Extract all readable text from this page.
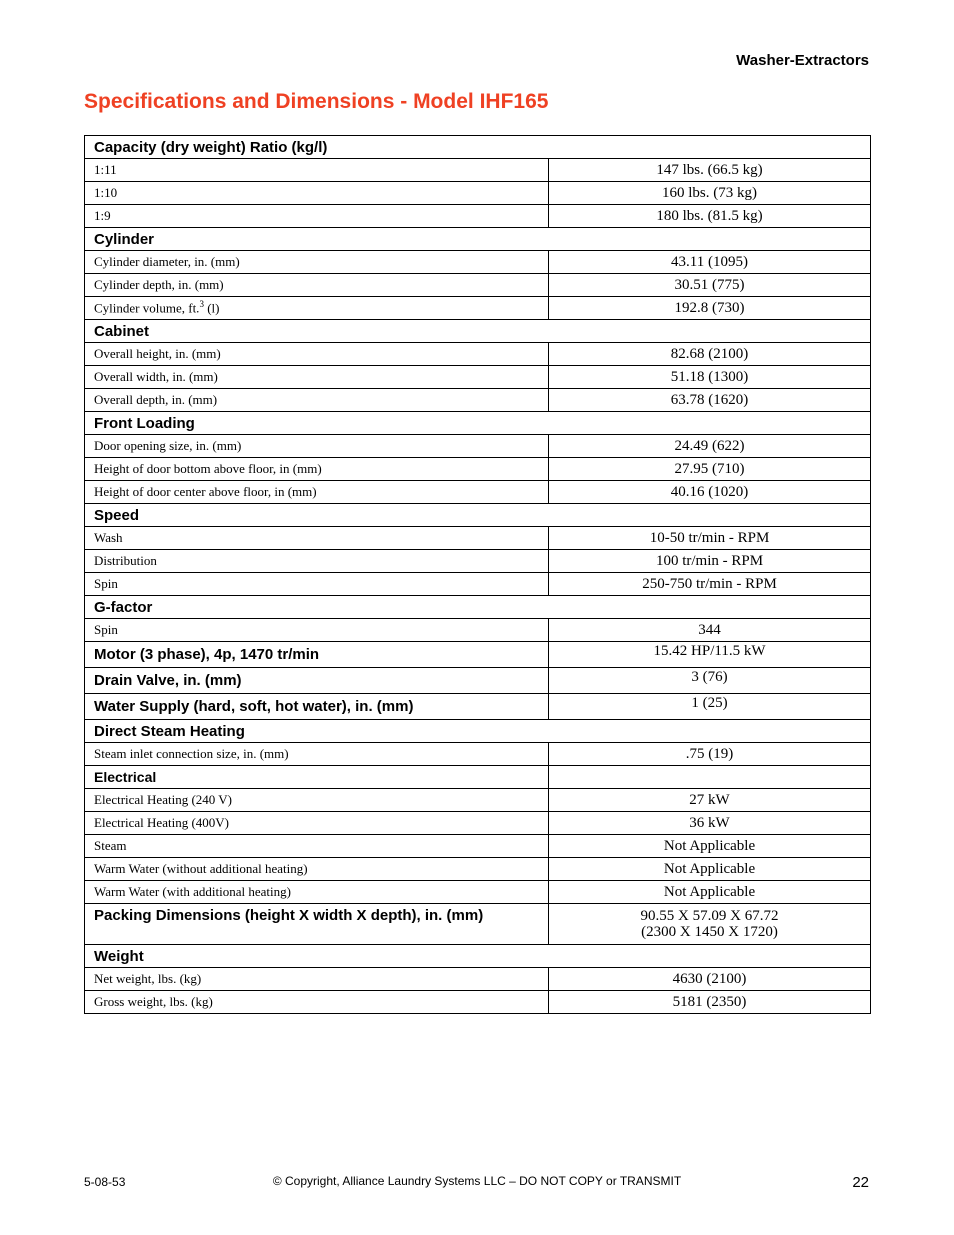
Washer-Extractors
Specifications and Dimensions - Model IHF165
Capacity (dry weight) Ratio (kg/l)	
1:11	147 lbs. (66.5 kg)
1:10	160 lbs. (73 kg)
1:9	180 lbs. (81.5 kg)
Cylinder	
Cylinder diameter, in. (mm)	43.11 (1095)
Cylinder depth, in. (mm)	30.51 (775)
Cylinder volume, ft.$^3$ (l)	192.8 (730)
Cabinet	
Overall height, in. (mm)	82.68 (2100)
Overall width, in. (mm)	51.18 (1300)
Overall depth, in. (mm)	63.78 (1620)
Front Loading	
Door opening size, in. (mm)	24.49 (622)
Height of door bottom above floor, in (mm)	27.95 (710)
Height of door center above floor, in (mm)	40.16 (1020)
Speed	
Wash	10-50 tr/min - RPM
Distribution	100 tr/min - RPM
Spin	250-750 tr/min - RPM
G-factor	
Spin	344
Motor (3 phase), 4p, 1470 tr/min	15.42 HP/11.5 kW
Drain Valve, in. (mm)	3 (76)
Water Supply (hard, soft, hot water), in. (mm)	1 (25)
Direct Steam Heating	
Steam inlet connection size, in. (mm)	.75 (19)
Electrical	
Electrical Heating (240 V)	27 kW
Electrical Heating (400V)	36 kW
Steam	Not Applicable
Warm Water (without additional heating)	Not Applicable
Warm Water (with additional heating)	Not Applicable
Packing Dimensions (height X width X depth), in. (mm)	90.55 X 57.09 X 67.72
(2300 X 1450 X 1720)

Weight	
Net weight, lbs. (kg)	4630 (2100)
Gross weight, lbs. (kg)	5181 (2350)
5-08-53	© Copyright, Alliance Laundry Systems LLC – DO NOT COPY or TRANSMIT	22
